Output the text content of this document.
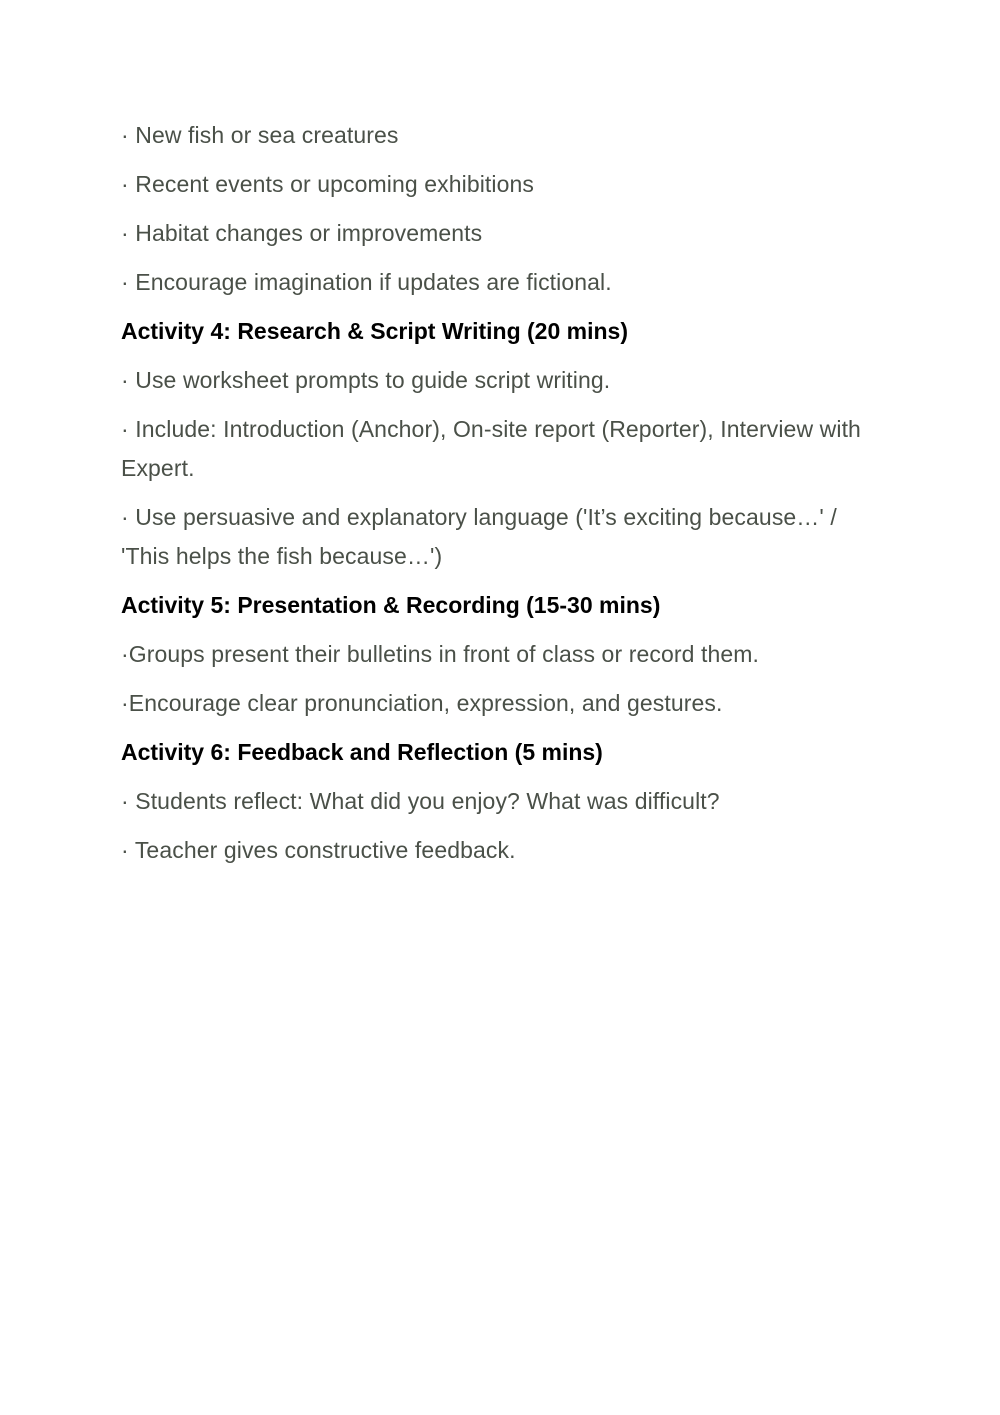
· New fish or sea creatures

· Recent events or upcoming exhibitions

· Habitat changes or improvements

· Encourage imagination if updates are fictional.

Activity 4: Research & Script Writing (20 mins)

· Use worksheet prompts to guide script writing.

· Include: Introduction (Anchor), On-site report (Reporter), Interview with Expert.

· Use persuasive and explanatory language ('It’s exciting because…' / 'This helps the fish because…')

Activity 5: Presentation & Recording (15-30 mins)

·Groups present their bulletins in front of class or record them.

·Encourage clear pronunciation, expression, and gestures.

Activity 6: Feedback and Reflection (5 mins)

· Students reflect: What did you enjoy? What was difficult?

· Teacher gives constructive feedback.
